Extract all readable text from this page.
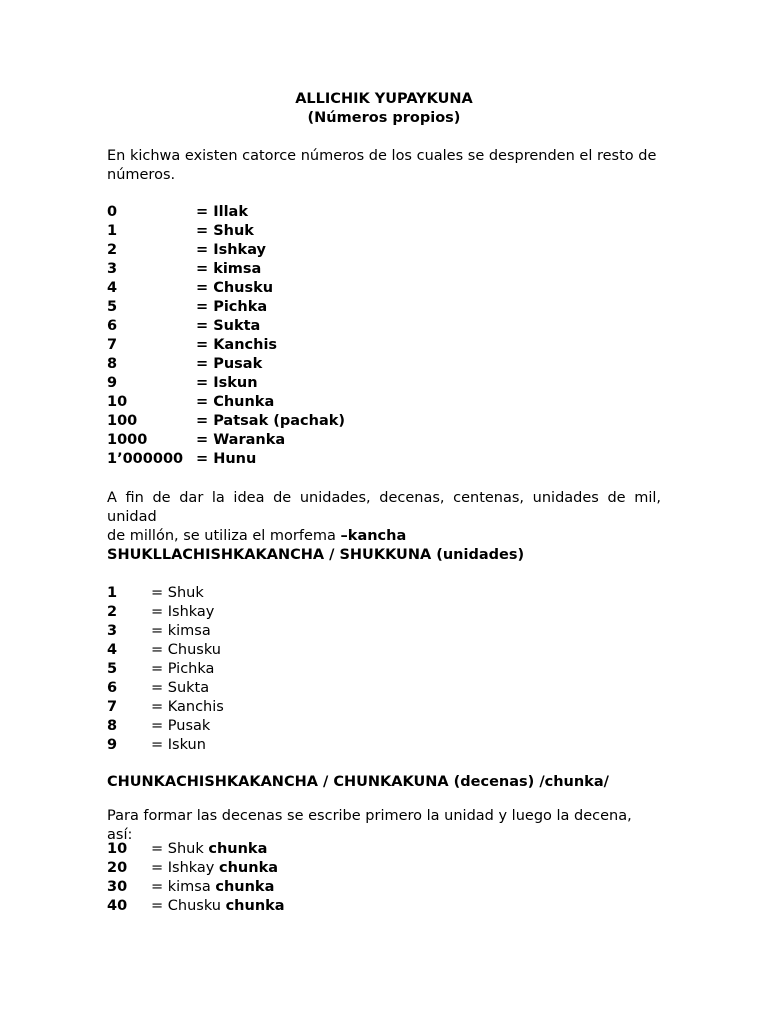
ALLICHIK YUPAYKUNA
(Números propios)
En kichwa existen catorce números de los cuales se desprenden el resto de
números.
0	= Illak
1	= Shuk
2	= Ishkay
3	= kimsa
4	= Chusku
5	= Pichka
6	= Sukta
7	= Kanchis
8	= Pusak
9	= Iskun
10	= Chunka
100	= Patsak (pachak)
1000	= Waranka
1’000000 = Hunu
A fin de dar la idea de unidades, decenas, centenas, unidades de mil, unidad
de millón, se utiliza el morfema –kancha
SHUKLLACHISHKAKANCHA / SHUKKUNA (unidades)
1 = Shuk
2 = Ishkay
3 = kimsa
4 = Chusku
5 = Pichka
6 = Sukta
7 = Kanchis
8 = Pusak
9 = Iskun
CHUNKACHISHKAKANCHA / CHUNKAKUNA (decenas) /chunka/
Para formar las decenas se escribe primero la unidad y luego la decena, así:
10 = Shuk chunka
20 = Ishkay chunka
30 = kimsa chunka
40 = Chusku chunka
